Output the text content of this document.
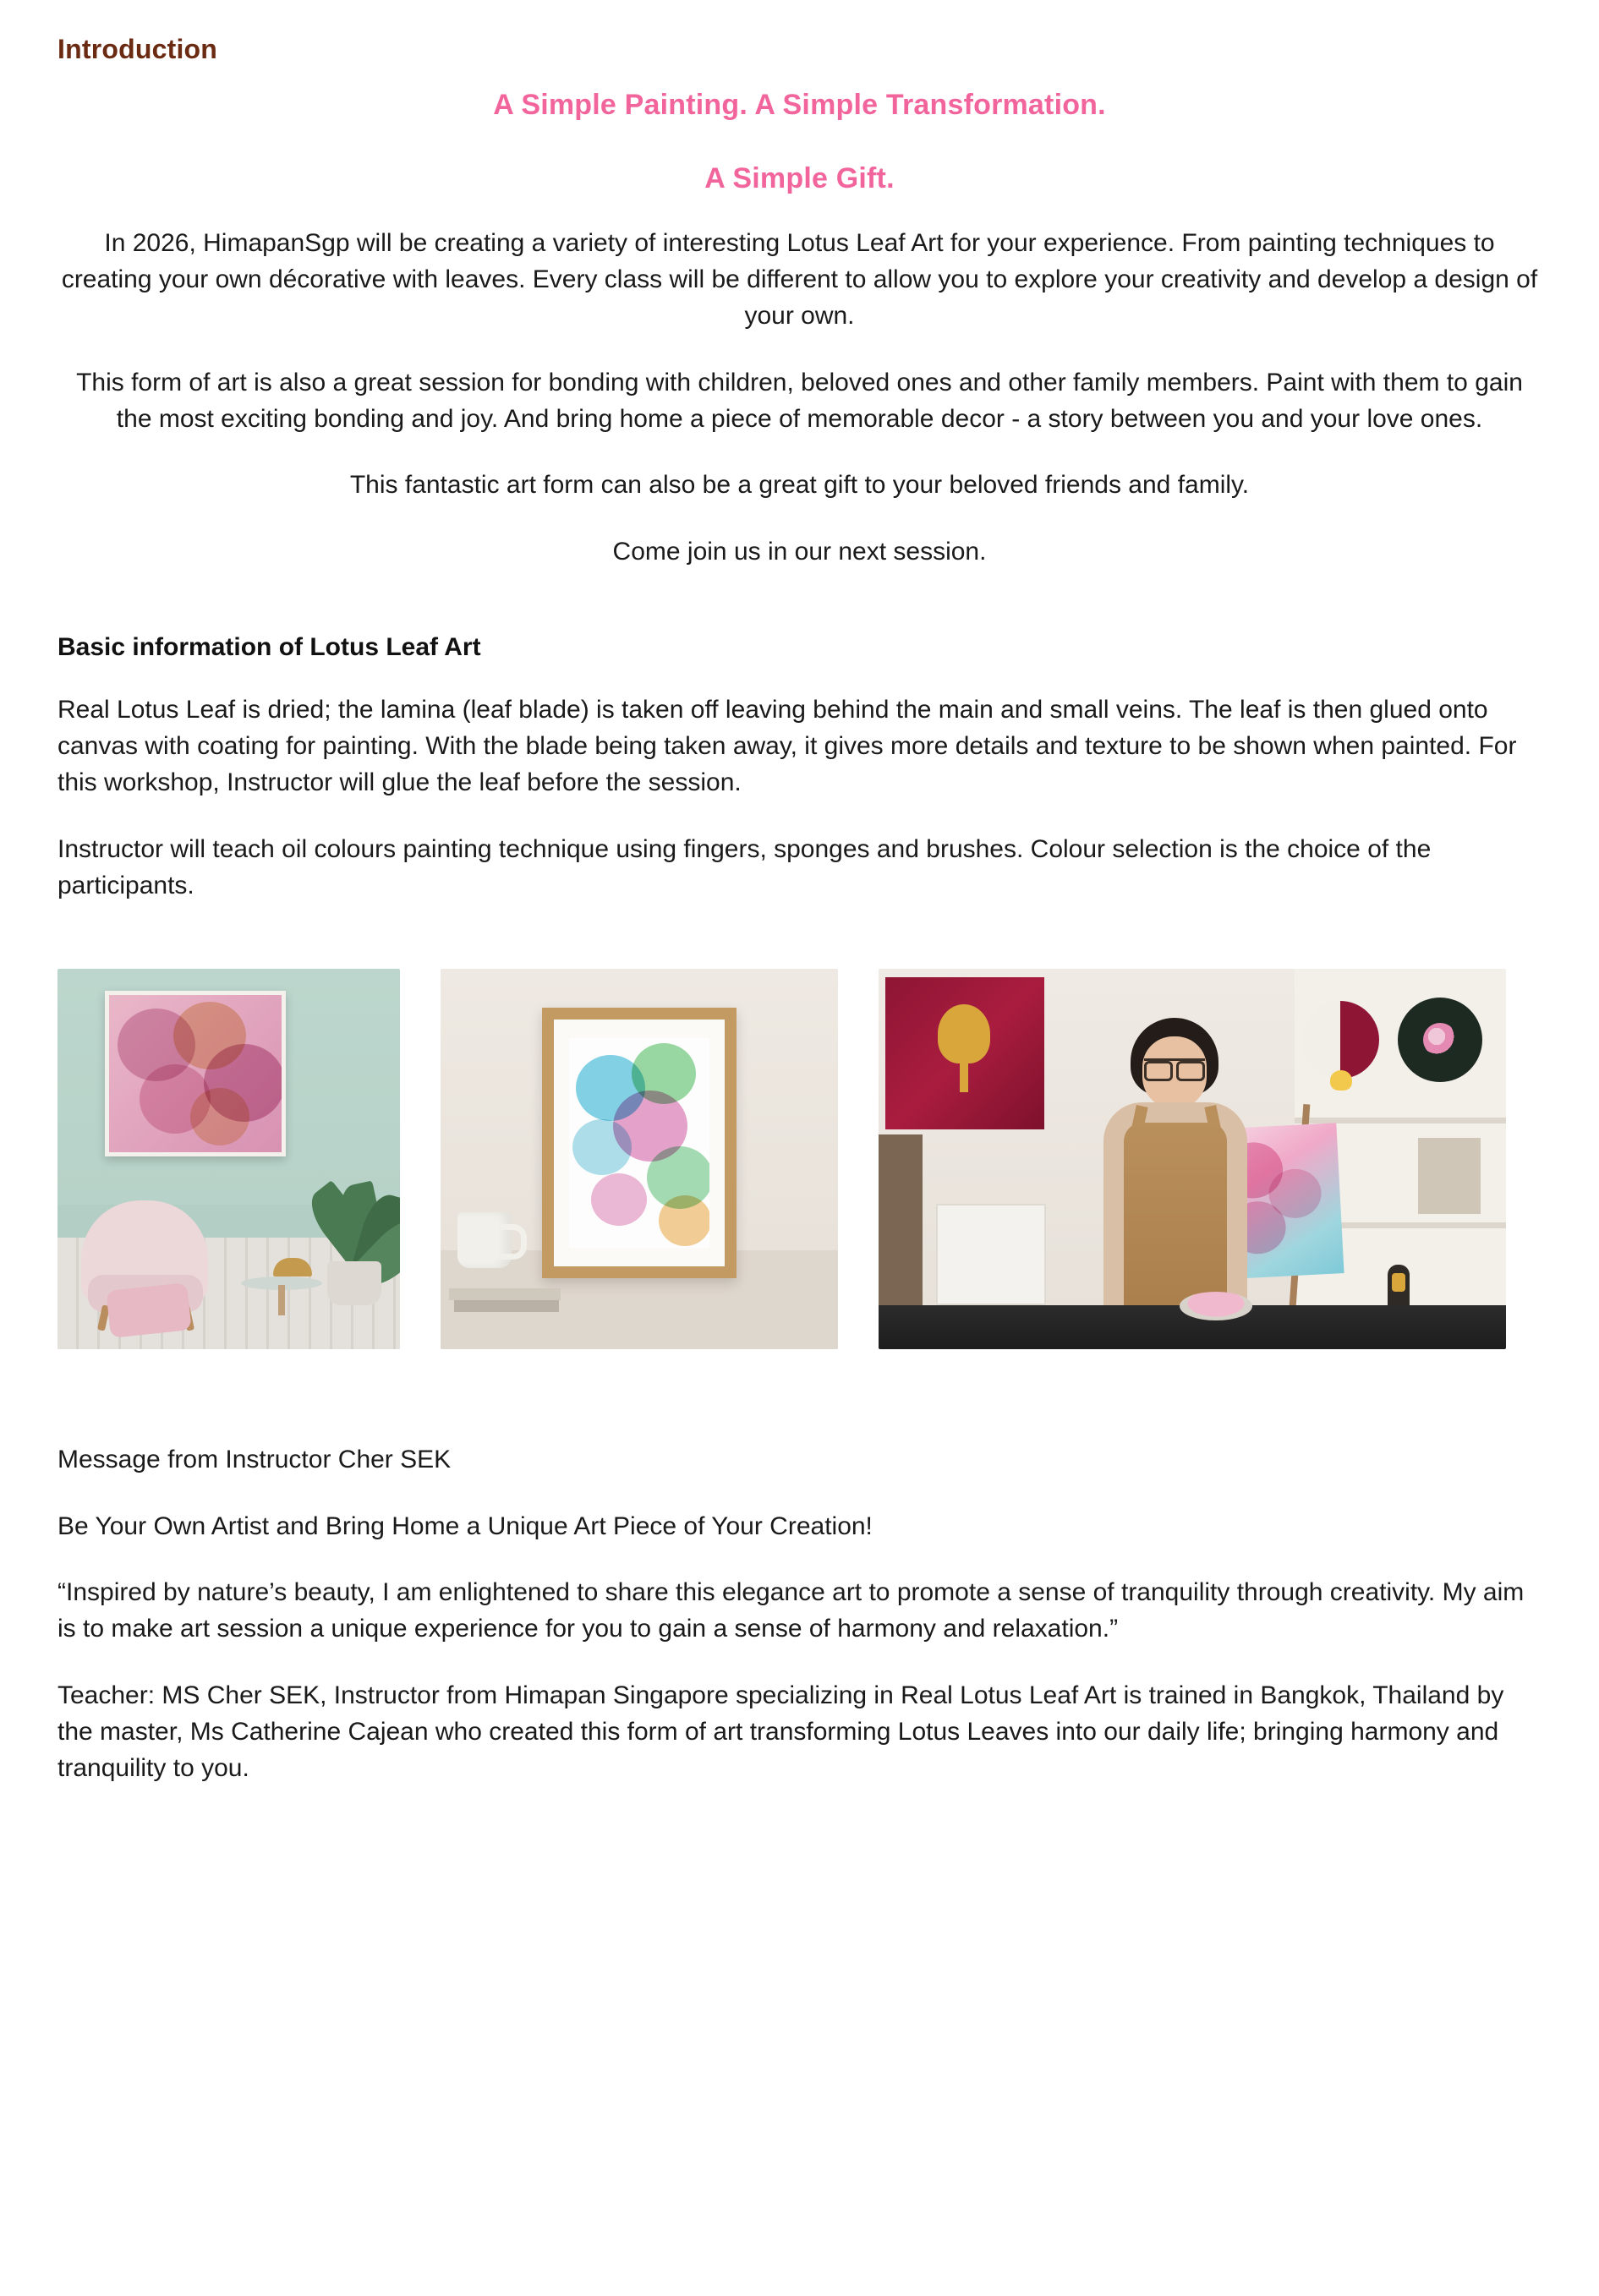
Introduction
A Simple Painting. A Simple Transformation.
A Simple Gift.

In 2026, HimapanSgp will be creating a variety of interesting Lotus Leaf Art for your experience. From painting techniques to creating your own décorative with leaves. Every class will be different to allow you to explore your creativity and develop a design of your own.

This form of art is also a great session for bonding with children, beloved ones and other family members. Paint with them to gain the most exciting bonding and joy. And bring home a piece of memorable decor - a story between you and your love ones.

This fantastic art form can also be a great gift to your beloved friends and family.

Come join us in our next session.

Basic information of Lotus Leaf Art

Real Lotus Leaf is dried; the lamina (leaf blade) is taken off leaving behind the main and small veins. The leaf is then glued onto canvas with coating for painting. With the blade being taken away, it gives more details and texture to be shown when painted. For this workshop, Instructor will glue the leaf before the session.

Instructor will teach oil colours painting technique using fingers, sponges and brushes. Colour selection is the choice of the participants.

Message from Instructor Cher SEK

Be Your Own Artist and Bring Home a Unique Art Piece of Your Creation!

“Inspired by nature’s beauty, I am enlightened to share this elegance art to promote a sense of tranquility through creativity. My aim is to make art session a unique experience for you to gain a sense of harmony and relaxation.”

Teacher: MS Cher SEK, Instructor from Himapan Singapore specializing in Real Lotus Leaf Art is trained in Bangkok, Thailand by the master, Ms Catherine Cajean who created this form of art transforming Lotus Leaves into our daily life; bringing harmony and tranquility to you.
